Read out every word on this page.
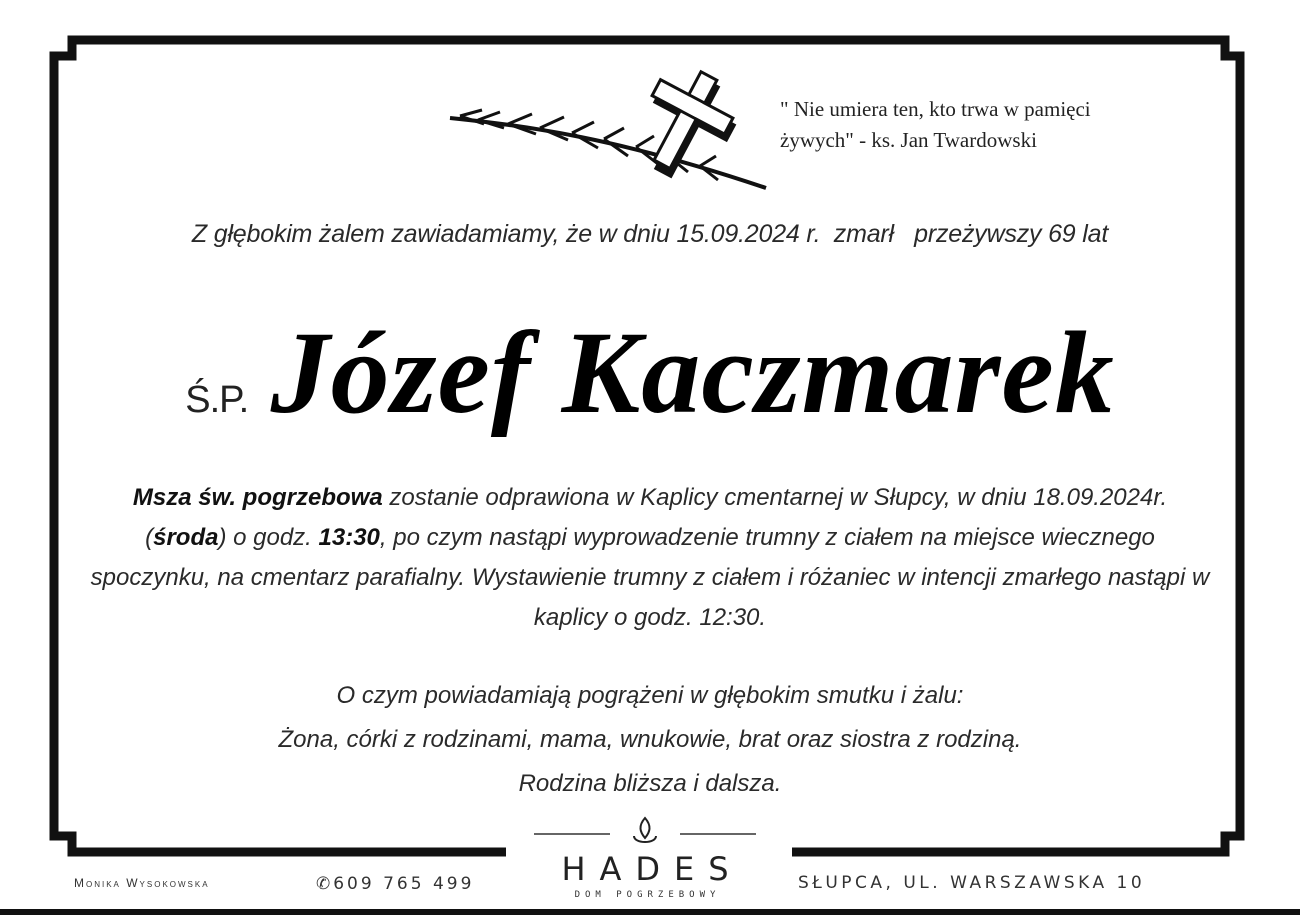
" Nie umiera ten, kto trwa w pamięci
żywych" - ks. Jan Twardowski
Z głębokim żalem zawiadamiamy, że w dniu 15.09.2024 r.  zmarł   przeżywszy 69 lat
Ś.P. Józef Kaczmarek
Msza św. pogrzebowa zostanie odprawiona w Kaplicy cmentarnej w Słupcy, w dniu 18.09.2024r. (środa) o godz. 13:30, po czym nastąpi wyprowadzenie trumny z ciałem na miejsce wiecznego spoczynku, na cmentarz parafialny. Wystawienie trumny z ciałem i różaniec w intencji zmarłego nastąpi w kaplicy o godz. 12:30.
O czym powiadamiają pogrążeni w głębokim smutku i żalu:
Żona, córki z rodzinami, mama, wnukowie, brat oraz siostra z rodziną.
Rodzina bliższa i dalsza.
HADES
DOM POGRZEBOWY
Monika Wysokowska	✆609 765 499	SŁUPCA, UL. WARSZAWSKA 10
